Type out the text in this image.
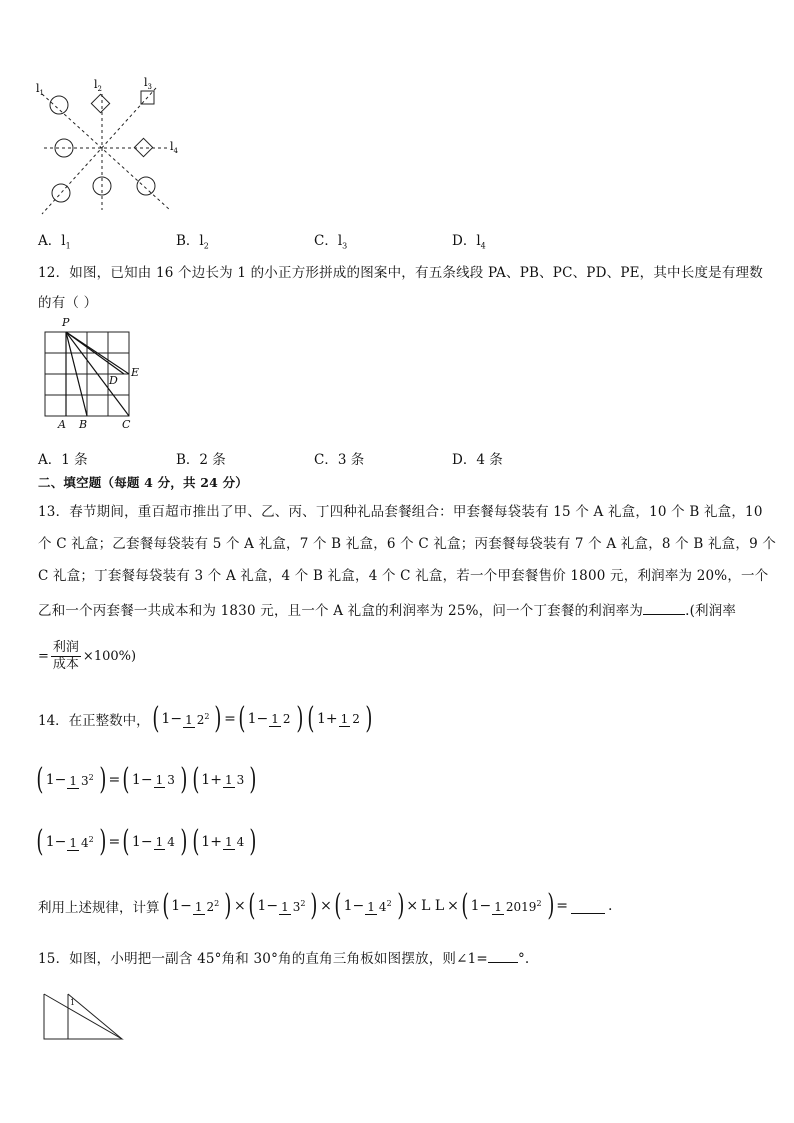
$l_1$
$l_2$	$l_3$
$l_4$
A．$l_1$	B．$l_2$	C．$l_3$	D．$l_4$
12．如图，已知由 16 个边长为 1 的小正方形拼成的图案中，有五条线段 PA、PB、PC、PD、PE，其中长度是有理数
的有（ ）
P
A B	C
D
E
A．1 条	B．2 条	C．3 条	D．4 条
二、填空题（每题 4 分，共 24 分）
13．春节期间，重百超市推出了甲、乙、丙、丁四种礼品套餐组合：甲套餐每袋装有 15 个 A 礼盒，10 个 B 礼盒，10
个 C 礼盒；乙套餐每袋装有 5 个 A 礼盒，7 个 B 礼盒，6 个 C 礼盒；丙套餐每袋装有 7 个 A 礼盒，8 个 B 礼盒，9 个
C 礼盒；丁套餐每袋装有 3 个 A 礼盒，4 个 B 礼盒，4 个 C 礼盒，若一个甲套餐售价 1800 元，利润率为 20%，一个
乙和一个丙套餐一共成本和为 1830 元，且一个 A 礼盒的利润率为 25%，问一个丁套餐的利润率为	.(利润率
= $\frac{\text{利润}}{\text{成本}} \times 100\%$)
14．在正整数中， ( 1 − 1 22 ) = ( 1 − 1 2 ) ( 1 + 1 2 )
( 1 − 1 32 ) = ( 1 − 1 3 ) ( 1 + 1 3 )
( 1 − 1 42 ) = ( 1 − 1 4 ) ( 1 + 1 4 )
利用上述规律，计算 ( 1 − 1 22 ) × ( 1 − 1 32 ) × ( 1 − 1 42 ) × L L × ( 1 − 1 20192 ) =	.
15．如图，小明把一副含 45°角和 30°角的直角三角板如图摆放，则∠1= °.
1
